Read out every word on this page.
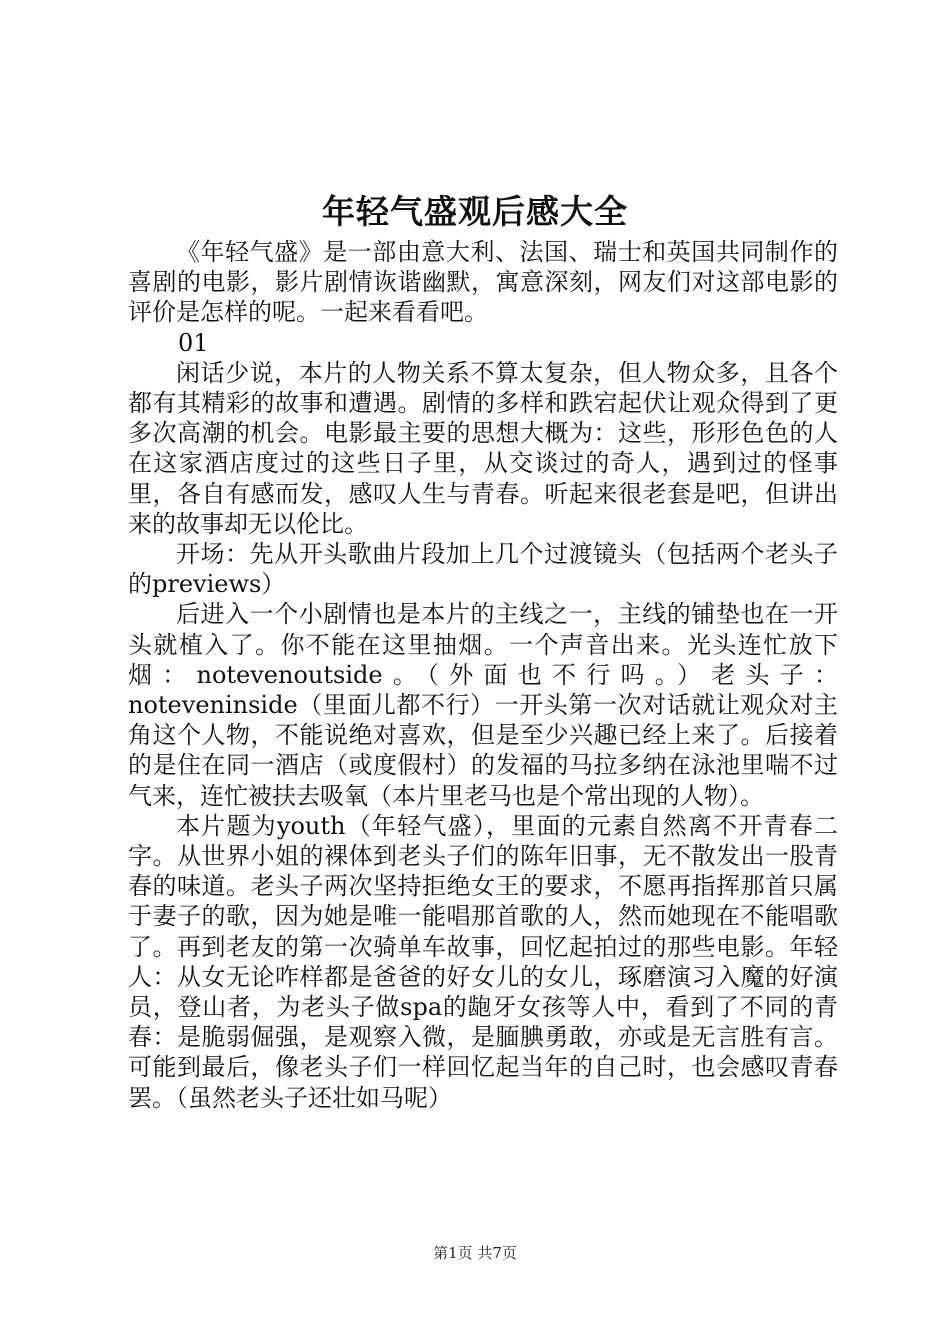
年轻气盛观后感大全

《年轻气盛》是一部由意大利、法国、瑞士和英国共同制作的喜剧的电影，影片剧情诙谐幽默，寓意深刻，网友们对这部电影的评价是怎样的呢。一起来看看吧。

01

闲话少说，本片的人物关系不算太复杂，但人物众多，且各个都有其精彩的故事和遭遇。剧情的多样和跌宕起伏让观众得到了更多次高潮的机会。电影最主要的思想大概为：这些，形形色色的人在这家酒店度过的这些日子里，从交谈过的奇人，遇到过的怪事里，各自有感而发，感叹人生与青春。听起来很老套是吧，但讲出来的故事却无以伦比。

开场：先从开头歌曲片段加上几个过渡镜头（包括两个老头子的previews）

后进入一个小剧情也是本片的主线之一，主线的铺垫也在一开头就植入了。你不能在这里抽烟。一个声音出来。光头连忙放下烟：notevenoutside。（外面也不行吗。）老头子：noteveninside（里面儿都不行）一开头第一次对话就让观众对主角这个人物，不能说绝对喜欢，但是至少兴趣已经上来了。后接着的是住在同一酒店（或度假村）的发福的马拉多纳在泳池里喘不过气来，连忙被扶去吸氧（本片里老马也是个常出现的人物）。

本片题为youth（年轻气盛），里面的元素自然离不开青春二字。从世界小姐的裸体到老头子们的陈年旧事，无不散发出一股青春的味道。老头子两次坚持拒绝女王的要求，不愿再指挥那首只属于妻子的歌，因为她是唯一能唱那首歌的人，然而她现在不能唱歌了。再到老友的第一次骑单车故事，回忆起拍过的那些电影。年轻人：从女无论咋样都是爸爸的好女儿的女儿，琢磨演习入魔的好演员，登山者，为老头子做spa的龅牙女孩等人中，看到了不同的青春：是脆弱倔强，是观察入微，是腼腆勇敢，亦或是无言胜有言。可能到最后，像老头子们一样回忆起当年的自己时，也会感叹青春罢。（虽然老头子还壮如马呢）

第1页 共7页
